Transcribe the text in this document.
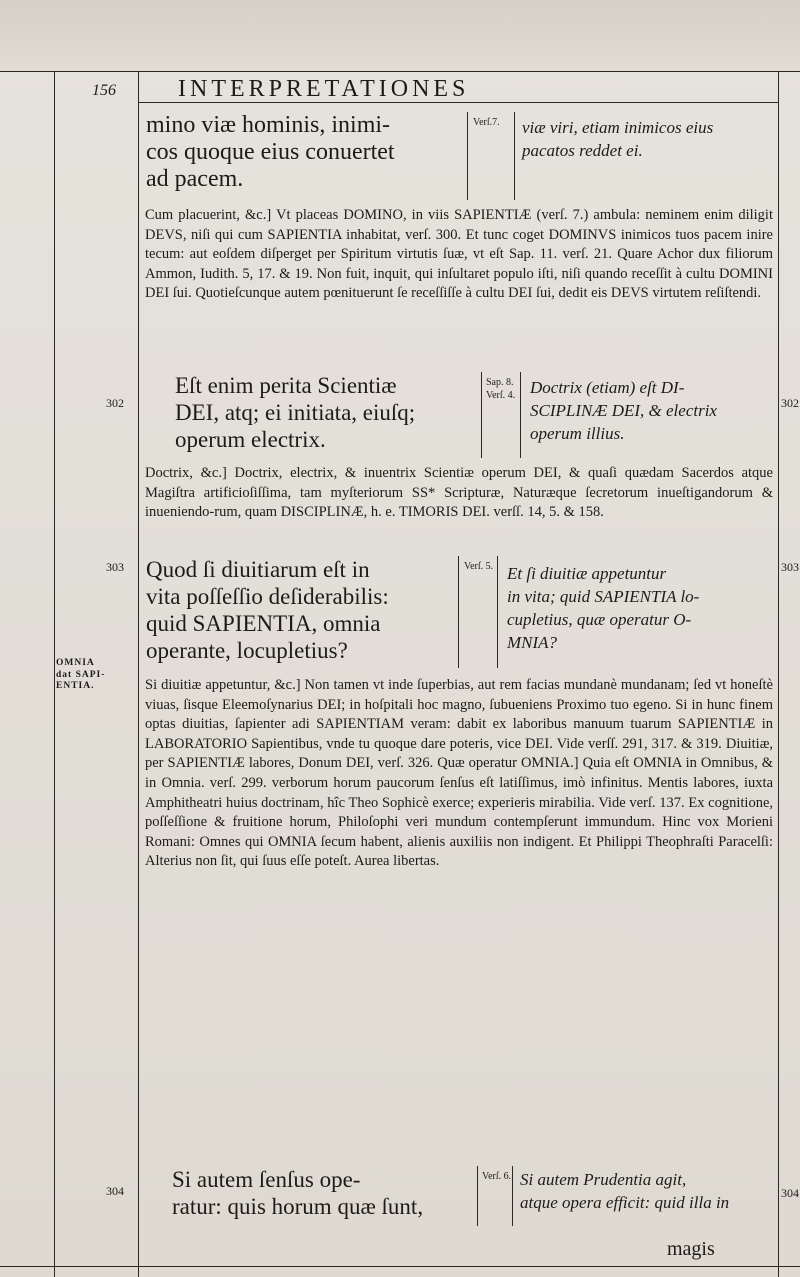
156	INTERPRETATIONES
OMNIA
dat SAPI-
ENTIA.
mino viæ hominis, inimi-
cos quoque eius conuertet
ad pacem.
Verſ.7. viæ viri, etiam inimicos eius
pacatos reddet ei.

Cum placuerint, &c.] Vt placeas DOMINO, in viis SAPIENTIÆ (verſ. 7.) ambula: neminem enim diligit DEVS, niſi qui cum SAPIENTIA inhabitat, verſ. 300. Et tunc coget DOMINVS inimicos tuos pacem inire tecum: aut eoſdem diſperget per Spiritum virtutis ſuæ, vt eſt Sap. 11. verſ. 21. Quare Achor dux filiorum Ammon, Iudith. 5, 17. & 19. Non fuit, inquit, qui inſultaret populo iſti, niſi quando receſſit à cultu DOMINI DEI ſui. Quotieſcunque autem pœnituerunt ſe receſſiſſe à cultu DEI ſui, dedit eis DEVS virtutem reſiſtendi.

302	302
Eſt enim perita Scientiæ
DEI, atq; ei initiata, eiuſq;
operum electrix.
Sap. 8.
Verſ. 4. Doctrix (etiam) eſt DI-
SCIPLINÆ DEI, & electrix
operum illius.

Doctrix, &c.] Doctrix, electrix, & inuentrix Scientiæ operum DEI, & quaſi quædam Sacerdos atque Magiſtra artificioſiſſima, tam myſteriorum SS* Scripturæ, Naturæque ſecretorum inueſtigandorum & inueniendo-rum, quam DISCIPLINÆ, h. e. TIMORIS DEI. verſſ. 14, 5. & 158.

303	303
Quod ſi diuitiarum eſt in
vita poſſeſſio deſiderabilis:
quid SAPIENTIA, omnia
operante, locupletius?
Verſ. 5. Et ſi diuitiæ appetuntur
in vita; quid SAPIENTIA lo-
cupletius, quæ operatur O-
MNIA?

Si diuitiæ appetuntur, &c.] Non tamen vt inde ſuperbias, aut rem facias mundanè mundanam; ſed vt honeſtè viuas, ſisque Eleemoſynarius DEI; in hoſpitali hoc magno, ſubueniens Proximo tuo egeno. Si in hunc finem optas diuitias, ſapienter adi SAPIENTIAM veram: dabit ex laboribus manuum tuarum SAPIENTIÆ in LABORATORIO Sapientibus, vnde tu quoque dare poteris, vice DEI. Vide verſſ. 291, 317. & 319. Diuitiæ, per SAPIENTIÆ labores, Donum DEI, verſ. 326. Quæ operatur OMNIA.] Quia eſt OMNIA in Omnibus, & in Omnia. verſ. 299. verborum horum paucorum ſenſus eſt latiſſimus, imò infinitus. Mentis labores, iuxta Amphitheatri huius doctrinam, hîc Theo Sophicè exerce; experieris mirabilia. Vide verſ. 137. Ex cognitione, poſſeſſione & fruitione horum, Philoſophi veri mundum contempſerunt immundum. Hinc vox Morieni Romani: Omnes qui OMNIA ſecum habent, alienis auxiliis non indigent. Et Philippi Theophraſti Paracelſi: Alterius non ſit, qui ſuus eſſe poteſt. Aurea libertas.

304	304
Si autem ſenſus ope-
ratur: quis horum quæ ſunt,
Verſ. 6. Si autem Prudentia agit,
atque opera efficit: quid illa in
magis
